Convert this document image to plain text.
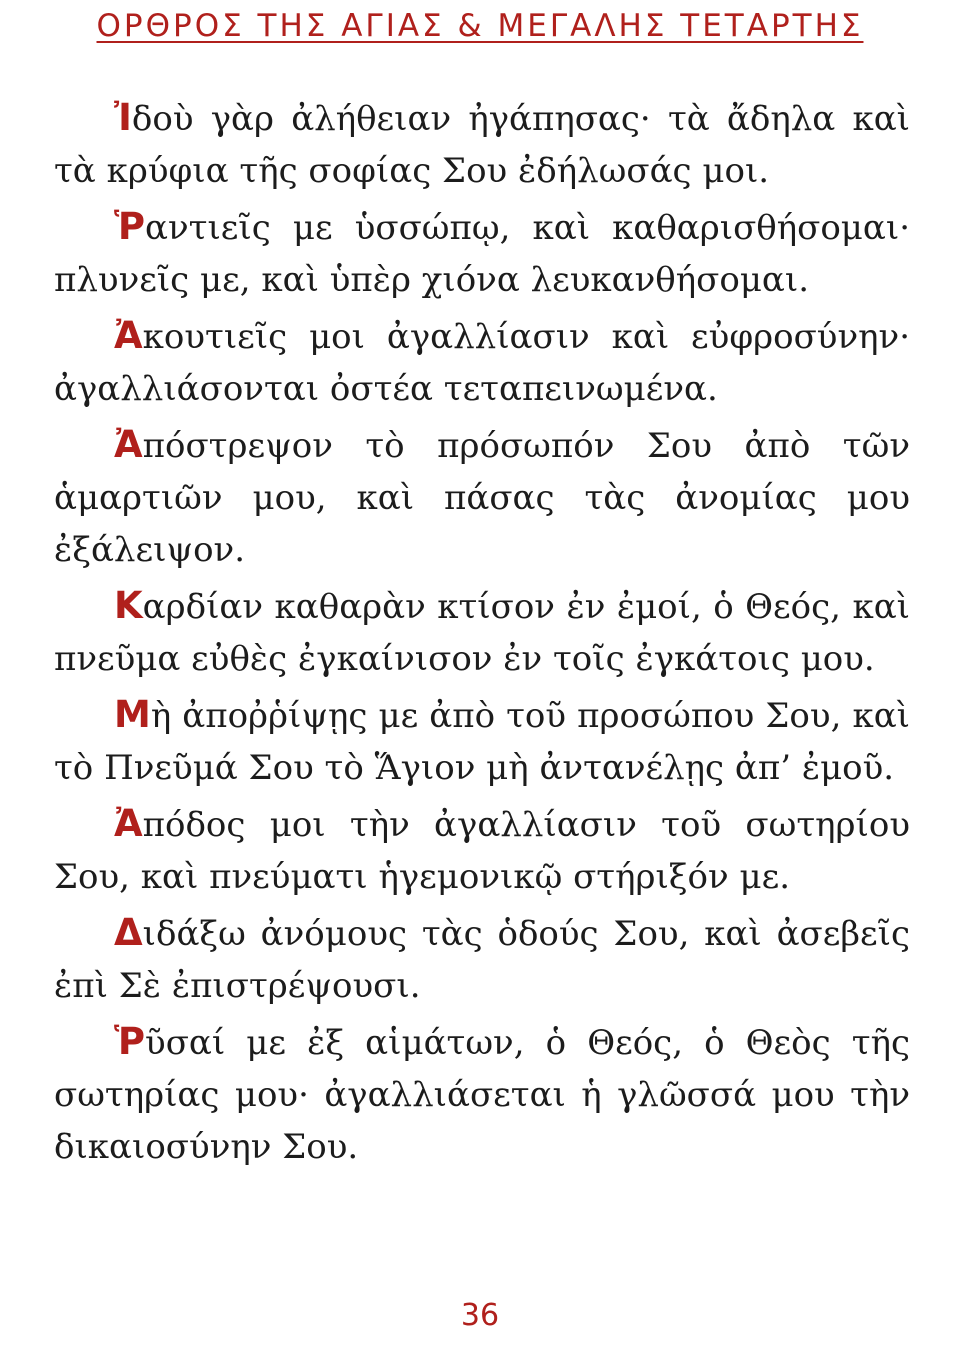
ΟΡΘΡΟΣ ΤΗΣ ΑΓΙΑΣ & ΜΕΓΑΛΗΣ ΤΕΤΑΡΤΗΣ

Ἰδοὺ γὰρ ἀλήθειαν ἠγάπησας· τὰ ἄδηλα καὶ τὰ κρύφια τῆς σοφίας Σου ἐδήλωσάς μοι.

Ῥαντιεῖς με ὑσσώπῳ, καὶ καθαρισθήσομαι· πλυνεῖς με, καὶ ὑπὲρ χιόνα λευκανθήσομαι.

Ἀκουτιεῖς μοι ἀγαλλίασιν καὶ εὐφροσύνην· ἀγαλλιάσονται ὀστέα τεταπεινωμένα.

Ἀπόστρεψον τὸ πρόσωπόν Σου ἀπὸ τῶν ἁμαρτιῶν μου, καὶ πάσας τὰς ἀνομίας μου ἐξάλειψον.

Καρδίαν καθαρὰν κτίσον ἐν ἐμοί, ὁ Θεός, καὶ πνεῦμα εὐθὲς ἐγκαίνισον ἐν τοῖς ἐγκάτοις μου.

Μὴ ἀποῤῥίψῃς με ἀπὸ τοῦ προσώπου Σου, καὶ τὸ Πνεῦμά Σου τὸ Ἅγιον μὴ ἀντανέλῃς ἀπ’ ἐμοῦ.

Ἀπόδος μοι τὴν ἀγαλλίασιν τοῦ σωτηρίου Σου, καὶ πνεύματι ἡγεμονικῷ στήριξόν με.

Διδάξω ἀνόμους τὰς ὁδούς Σου, καὶ ἀσεβεῖς ἐπὶ Σὲ ἐπιστρέψουσι.

Ῥῦσαί με ἐξ αἱμάτων, ὁ Θεός, ὁ Θεὸς τῆς σωτηρίας μου· ἀγαλλιάσεται ἡ γλῶσσά μου τὴν δικαιοσύνην Σου.

36
